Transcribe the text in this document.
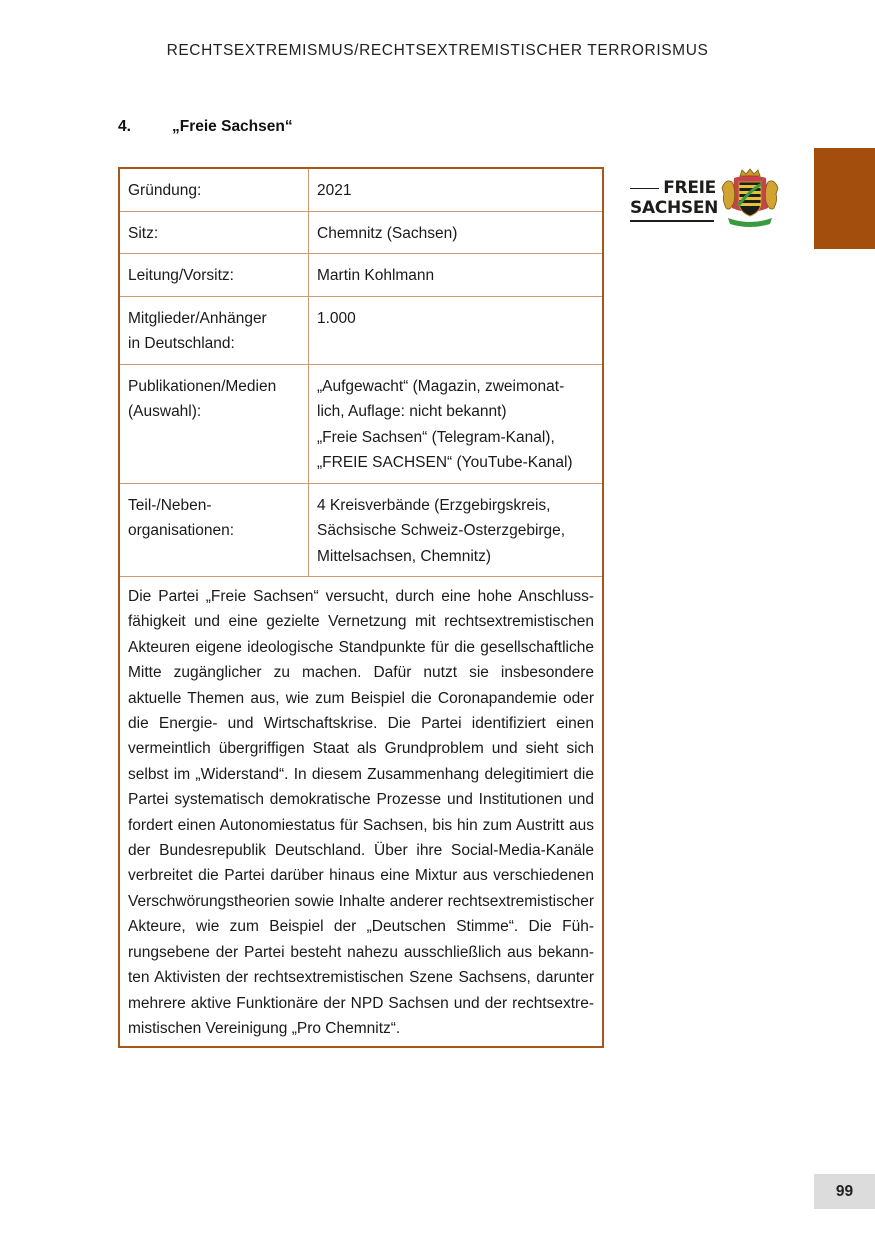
RECHTSEXTREMISMUS/RECHTSEXTREMISTISCHER TERRORISMUS
4.	„Freie Sachsen“
FREIE
SACHSEN
Gründung:	2021

Sitz:	Chemnitz (Sachsen)

Leitung/Vorsitz:	Martin Kohlmann

Mitglieder/Anhänger
in Deutschland:	1.000

Publikationen/Medien
(Auswahl):	„Aufgewacht“ (Magazin, zweimonat-
lich, Auflage: nicht bekannt)
„Freie Sachsen“ (Telegram-Kanal),
„FREIE SACHSEN“ (YouTube-Kanal)

Teil-/Neben-
organisationen:	4 Kreisverbände (Erzgebirgskreis,
Sächsische Schweiz-Osterzgebirge,
Mittelsachsen, Chemnitz)

Die Partei „Freie Sachsen“ versucht, durch eine hohe Anschlussfähigkeit und eine gezielte Vernetzung mit rechtsextremistischen Akteuren eigene ideologische Standpunkte für die gesellschaftliche Mitte zugänglicher zu machen. Dafür nutzt sie insbesondere aktuelle Themen aus, wie zum Beispiel die Coronapandemie oder die Energie- und Wirtschaftskrise. Die Partei identifiziert einen vermeintlich übergriffigen Staat als Grundproblem und sieht sich selbst im „Widerstand“. In diesem Zusammenhang delegitimiert die Partei systematisch demokratische Prozesse und Institutionen und fordert einen Autonomiestatus für Sachsen, bis hin zum Austritt aus der Bundesrepublik Deutschland. Über ihre Social-Media-Kanäle verbreitet die Partei darüber hinaus eine Mixtur aus verschiedenen Verschwörungstheorien sowie Inhalte anderer rechtsextremistischer Akteure, wie zum Beispiel der „Deutschen Stimme“. Die Führungsebene der Partei besteht nahezu ausschließlich aus bekannten Aktivisten der rechtsextremistischen Szene Sachsens, darunter mehrere aktive Funktionäre der NPD Sachsen und der rechtsextremistischen Vereinigung „Pro Chemnitz“.	
99
